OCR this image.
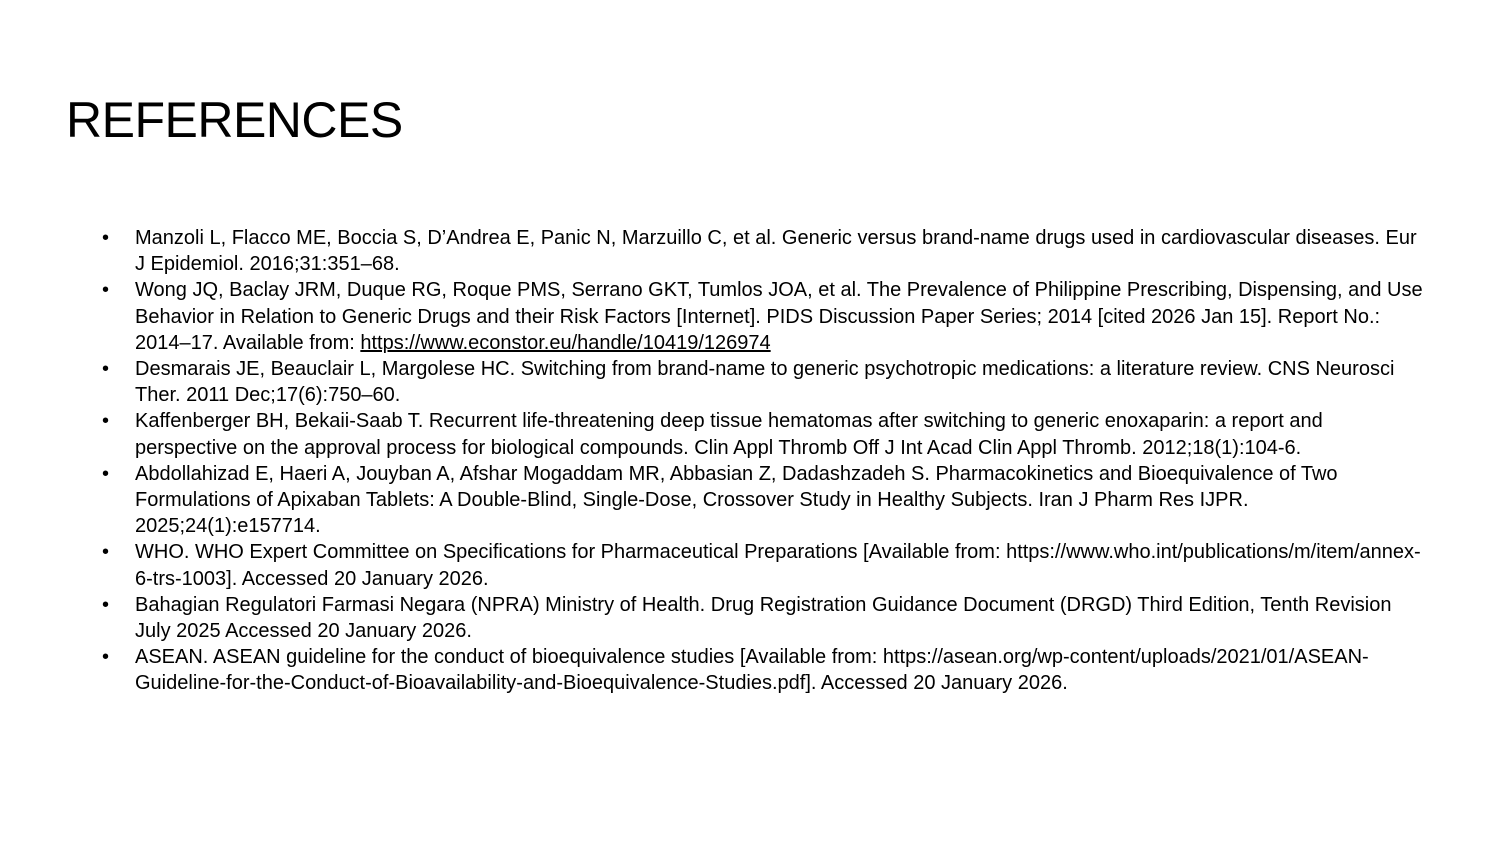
REFERENCES
• Manzoli L, Flacco ME, Boccia S, D’Andrea E, Panic N, Marzuillo C, et al. Generic versus brand-name drugs used in cardiovascular diseases. Eur J Epidemiol. 2016;31:351–68.
• Wong JQ, Baclay JRM, Duque RG, Roque PMS, Serrano GKT, Tumlos JOA, et al. The Prevalence of Philippine Prescribing, Dispensing, and Use Behavior in Relation to Generic Drugs and their Risk Factors [Internet]. PIDS Discussion Paper Series; 2014 [cited 2026 Jan 15]. Report No.: 2014–17. Available from: https://www.econstor.eu/handle/10419/126974
• Desmarais JE, Beauclair L, Margolese HC. Switching from brand-name to generic psychotropic medications: a literature review. CNS Neurosci Ther. 2011 Dec;17(6):750–60.
• Kaffenberger BH, Bekaii-Saab T. Recurrent life-threatening deep tissue hematomas after switching to generic enoxaparin: a report and perspective on the approval process for biological compounds. Clin Appl Thromb Off J Int Acad Clin Appl Thromb. 2012;18(1):104-6.
• Abdollahizad E, Haeri A, Jouyban A, Afshar Mogaddam MR, Abbasian Z, Dadashzadeh S. Pharmacokinetics and Bioequivalence of Two Formulations of Apixaban Tablets: A Double-Blind, Single-Dose, Crossover Study in Healthy Subjects. Iran J Pharm Res IJPR. 2025;24(1):e157714.
• WHO. WHO Expert Committee on Specifications for Pharmaceutical Preparations [Available from: https://www.who.int/publications/m/item/annex-6-trs-1003]. Accessed 20 January 2026.
• Bahagian Regulatori Farmasi Negara (NPRA) Ministry of Health. Drug Registration Guidance Document (DRGD) Third Edition, Tenth Revision July 2025 Accessed 20 January 2026.
• ASEAN. ASEAN guideline for the conduct of bioequivalence studies [Available from: https://asean.org/wp-content/uploads/2021/01/ASEAN-Guideline-for-the-Conduct-of-Bioavailability-and-Bioequivalence-Studies.pdf]. Accessed 20 January 2026.
